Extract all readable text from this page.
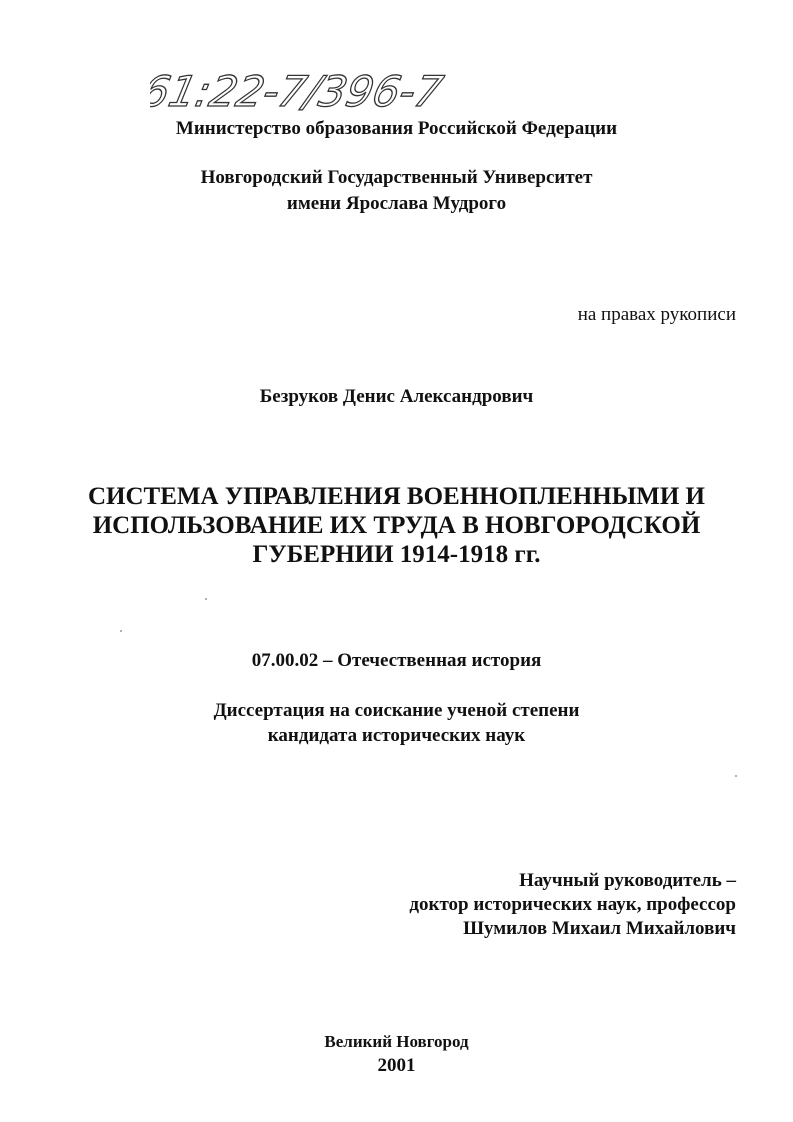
61:22-7/396-7
Министерство образования Российской Федерации
Новгородский Государственный Университет
имени Ярослава Мудрого
на правах рукописи
Безруков Денис Александрович
СИСТЕМА УПРАВЛЕНИЯ ВОЕННОПЛЕННЫМИ И
ИСПОЛЬЗОВАНИЕ ИХ ТРУДА В НОВГОРОДСКОЙ
ГУБЕРНИИ 1914-1918 гг.
07.00.02 – Отечественная история
Диссертация на соискание ученой степени
кандидата исторических наук
Научный руководитель –
доктор исторических наук, профессор
Шумилов Михаил Михайлович
Великий Новгород
2001
